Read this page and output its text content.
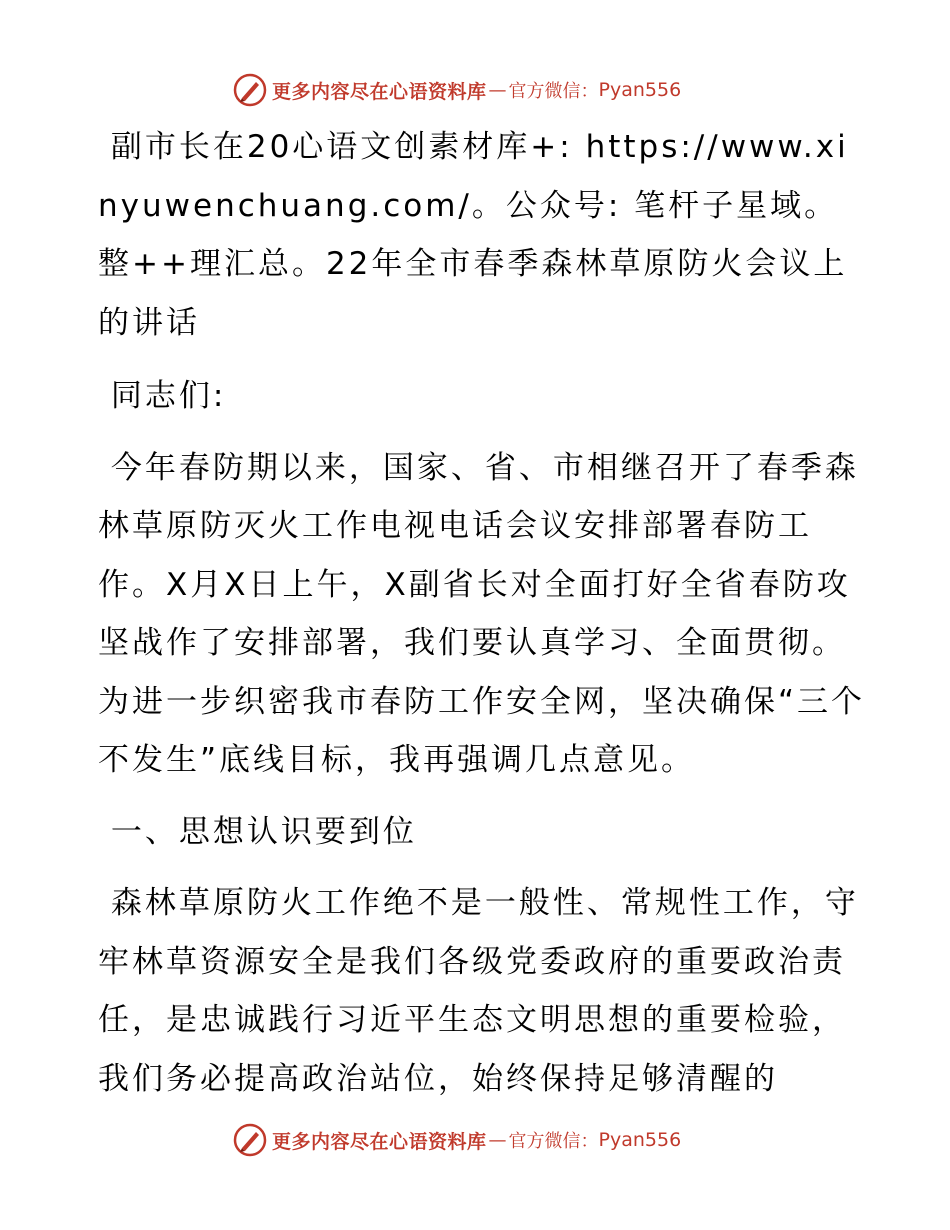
更多内容尽在心语资料库 — 官方微信： Pyan556

副市长在20心语文创素材库+: https://www.xinyuwenchuang.com/。公众号: 笔杆子星域。整++理汇总。22年全市春季森林草原防火会议上的讲话

同志们:

今年春防期以来，国家、省、市相继召开了春季森林草原防灭火工作电视电话会议安排部署春防工作。X月X日上午，X副省长对全面打好全省春防攻坚战作了安排部署，我们要认真学习、全面贯彻。为进一步织密我市春防工作安全网，坚决确保“三个不发生”底线目标，我再强调几点意见。

一、思想认识要到位

森林草原防火工作绝不是一般性、常规性工作，守牢林草资源安全是我们各级党委政府的重要政治责任，是忠诚践行习近平生态文明思想的重要检验，我们务必提高政治站位，始终保持足够清醒的

更多内容尽在心语资料库 — 官方微信： Pyan556
